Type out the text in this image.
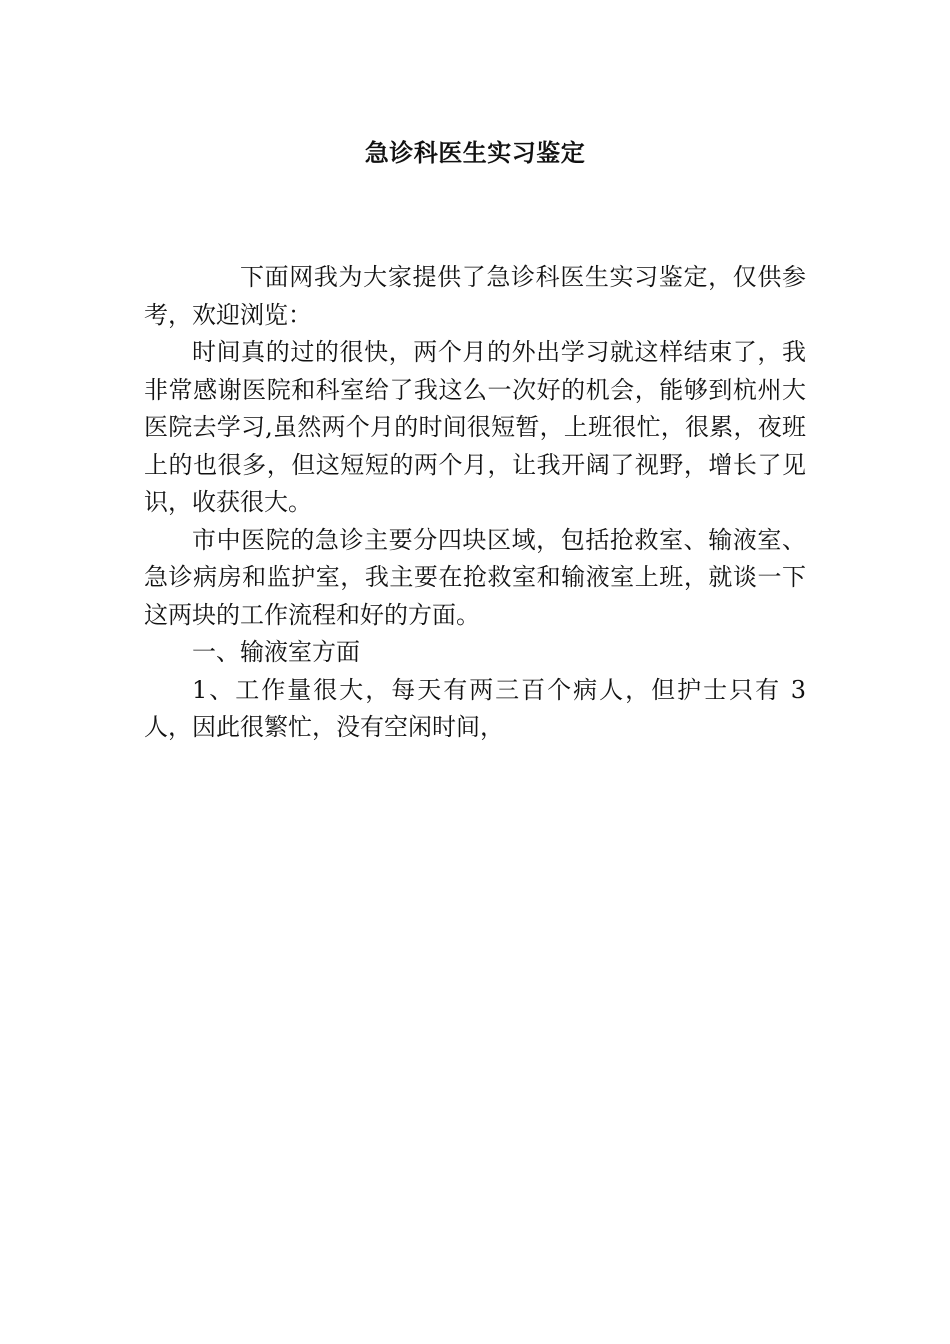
急诊科医生实习鉴定

下面网我为大家提供了急诊科医生实习鉴定，仅供参考，欢迎浏览：

时间真的过的很快，两个月的外出学习就这样结束了，我非常感谢医院和科室给了我这么一次好的机会，能够到杭州大医院去学习,虽然两个月的时间很短暂，上班很忙，很累，夜班上的也很多，但这短短的两个月，让我开阔了视野，增长了见识，收获很大。

市中医院的急诊主要分四块区域，包括抢救室、输液室、急诊病房和监护室，我主要在抢救室和输液室上班，就谈一下这两块的工作流程和好的方面。

一、输液室方面

1、工作量很大，每天有两三百个病人，但护士只有 3 人，因此很繁忙，没有空闲时间，
